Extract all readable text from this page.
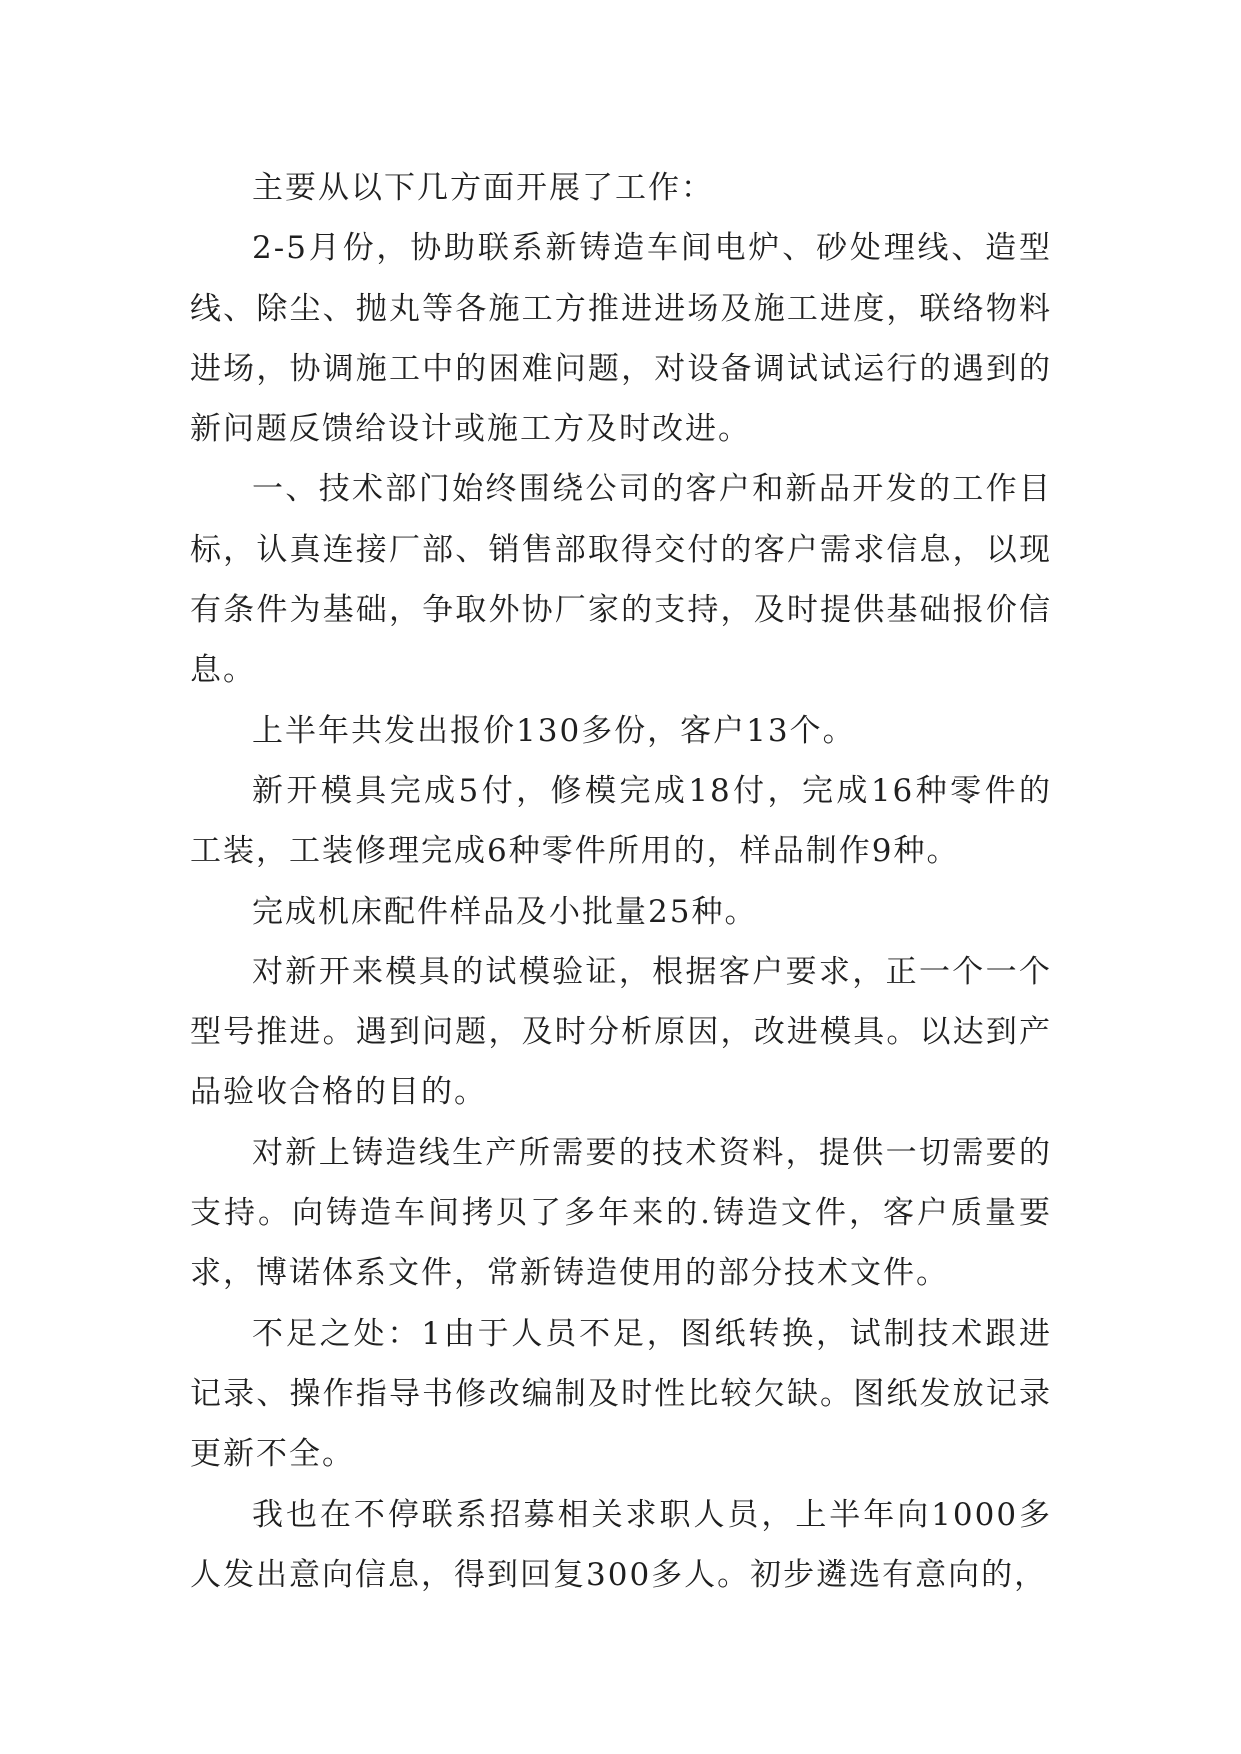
主要从以下几方面开展了工作：

2-5月份，协助联系新铸造车间电炉、砂处理线、造型线、除尘、抛丸等各施工方推进进场及施工进度，联络物料进场，协调施工中的困难问题，对设备调试试运行的遇到的新问题反馈给设计或施工方及时改进。

一、技术部门始终围绕公司的客户和新品开发的工作目标，认真连接厂部、销售部取得交付的客户需求信息，以现有条件为基础，争取外协厂家的支持，及时提供基础报价信息。

上半年共发出报价130多份，客户13个。

新开模具完成5付，修模完成18付，完成16种零件的工装，工装修理完成6种零件所用的，样品制作9种。

完成机床配件样品及小批量25种。

对新开来模具的试模验证，根据客户要求，正一个一个型号推进。遇到问题，及时分析原因，改进模具。以达到产品验收合格的目的。

对新上铸造线生产所需要的技术资料，提供一切需要的支持。向铸造车间拷贝了多年来的.铸造文件，客户质量要求，博诺体系文件，常新铸造使用的部分技术文件。

不足之处：1由于人员不足，图纸转换，试制技术跟进记录、操作指导书修改编制及时性比较欠缺。图纸发放记录更新不全。

我也在不停联系招募相关求职人员，上半年向1000多人发出意向信息，得到回复300多人。初步遴选有意向的，
